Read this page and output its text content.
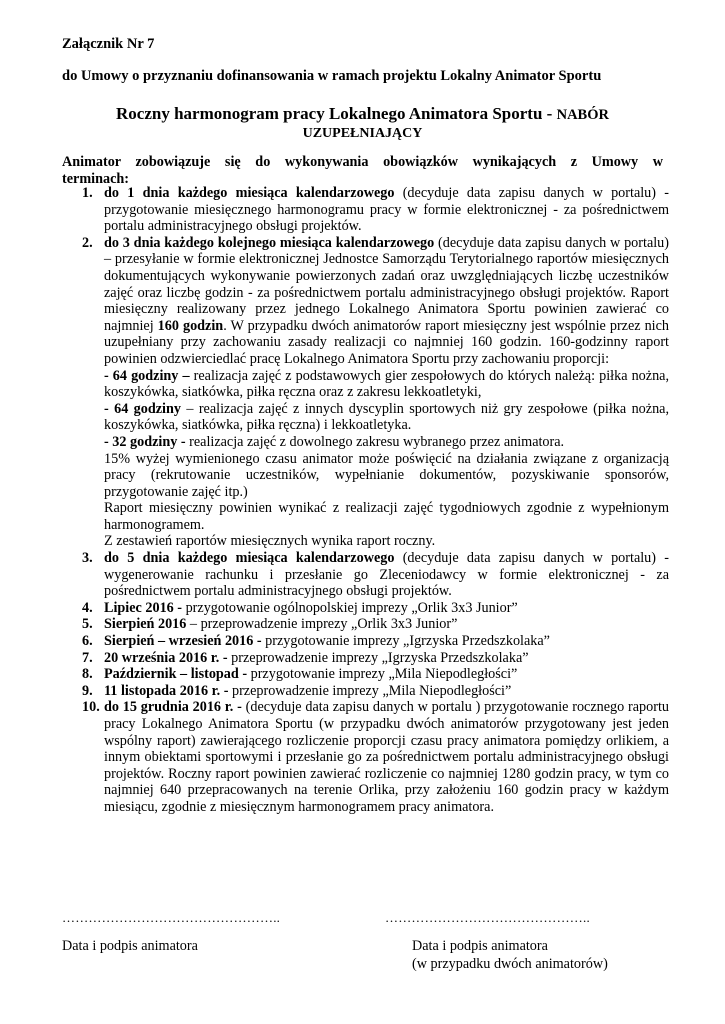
Załącznik Nr 7
do Umowy o przyznaniu dofinansowania w ramach projektu Lokalny Animator Sportu
Roczny harmonogram pracy Lokalnego Animatora Sportu - NABÓR
UZUPEŁNIAJĄCY
Animator zobowiązuje się do wykonywania obowiązków wynikających z Umowy w
terminach:
1. do 1 dnia każdego miesiąca kalendarzowego (decyduje data zapisu danych w portalu) - przygotowanie miesięcznego harmonogramu pracy w formie elektronicznej - za pośrednictwem portalu administracyjnego obsługi projektów.

2. do 3 dnia każdego kolejnego miesiąca kalendarzowego (decyduje data zapisu danych w portalu) – przesyłanie w formie elektronicznej Jednostce Samorządu Terytorialnego raportów miesięcznych dokumentujących wykonywanie powierzonych zadań oraz uwzględniających liczbę uczestników zajęć oraz liczbę godzin - za pośrednictwem portalu administracyjnego obsługi projektów. Raport miesięczny realizowany przez jednego Lokalnego Animatora Sportu powinien zawierać co najmniej 160 godzin. W przypadku dwóch animatorów raport miesięczny jest wspólnie przez nich uzupełniany przy zachowaniu zasady realizacji co najmniej 160 godzin. 160-godzinny raport powinien odzwierciedlać pracę Lokalnego Animatora Sportu przy zachowaniu proporcji:

- 64 godziny – realizacja zajęć z podstawowych gier zespołowych do których należą: piłka nożna, koszykówka, siatkówka, piłka ręczna oraz z zakresu lekkoatletyki,

- 64 godziny – realizacja zajęć z innych dyscyplin sportowych niż gry zespołowe (piłka nożna, koszykówka, siatkówka, piłka ręczna) i lekkoatletyka.

- 32 godziny - realizacja zajęć z dowolnego zakresu wybranego przez animatora.

15% wyżej wymienionego czasu animator może poświęcić na działania związane z organizacją pracy (rekrutowanie uczestników, wypełnianie dokumentów, pozyskiwanie sponsorów, przygotowanie zajęć itp.)

Raport miesięczny powinien wynikać z realizacji zajęć tygodniowych zgodnie z wypełnionym harmonogramem.

Z zestawień raportów miesięcznych wynika raport roczny.

3. do 5 dnia każdego miesiąca kalendarzowego (decyduje data zapisu danych w portalu) - wygenerowanie rachunku i przesłanie go Zleceniodawcy w formie elektronicznej - za pośrednictwem portalu administracyjnego obsługi projektów.

4. Lipiec 2016 - przygotowanie ogólnopolskiej imprezy „Orlik 3x3 Junior”

5. Sierpień 2016 – przeprowadzenie imprezy „Orlik 3x3 Junior”

6. Sierpień – wrzesień 2016 - przygotowanie imprezy „Igrzyska Przedszkolaka”

7. 20 września 2016 r. - przeprowadzenie imprezy „Igrzyska Przedszkolaka”

8. Październik – listopad - przygotowanie imprezy „Mila Niepodległości”

9. 11 listopada 2016 r. - przeprowadzenie imprezy „Mila Niepodległości”

10. do 15 grudnia 2016 r. - (decyduje data zapisu danych w portalu ) przygotowanie rocznego raportu pracy Lokalnego Animatora Sportu (w przypadku dwóch animatorów przygotowany jest jeden wspólny raport) zawierającego rozliczenie proporcji czasu pracy animatora pomiędzy orlikiem, a innym obiektami sportowymi i przesłanie go za pośrednictwem portalu administracyjnego obsługi projektów. Roczny raport powinien zawierać rozliczenie co najmniej 1280 godzin pracy, w tym co najmniej 640 przepracowanych na terenie Orlika, przy założeniu 160 godzin pracy w każdym miesiącu, zgodnie z miesięcznym harmonogramem pracy animatora.

…………………………………………..	………………………………………..
Data i podpis animatora	Data i podpis animatora
(w przypadku dwóch animatorów)
